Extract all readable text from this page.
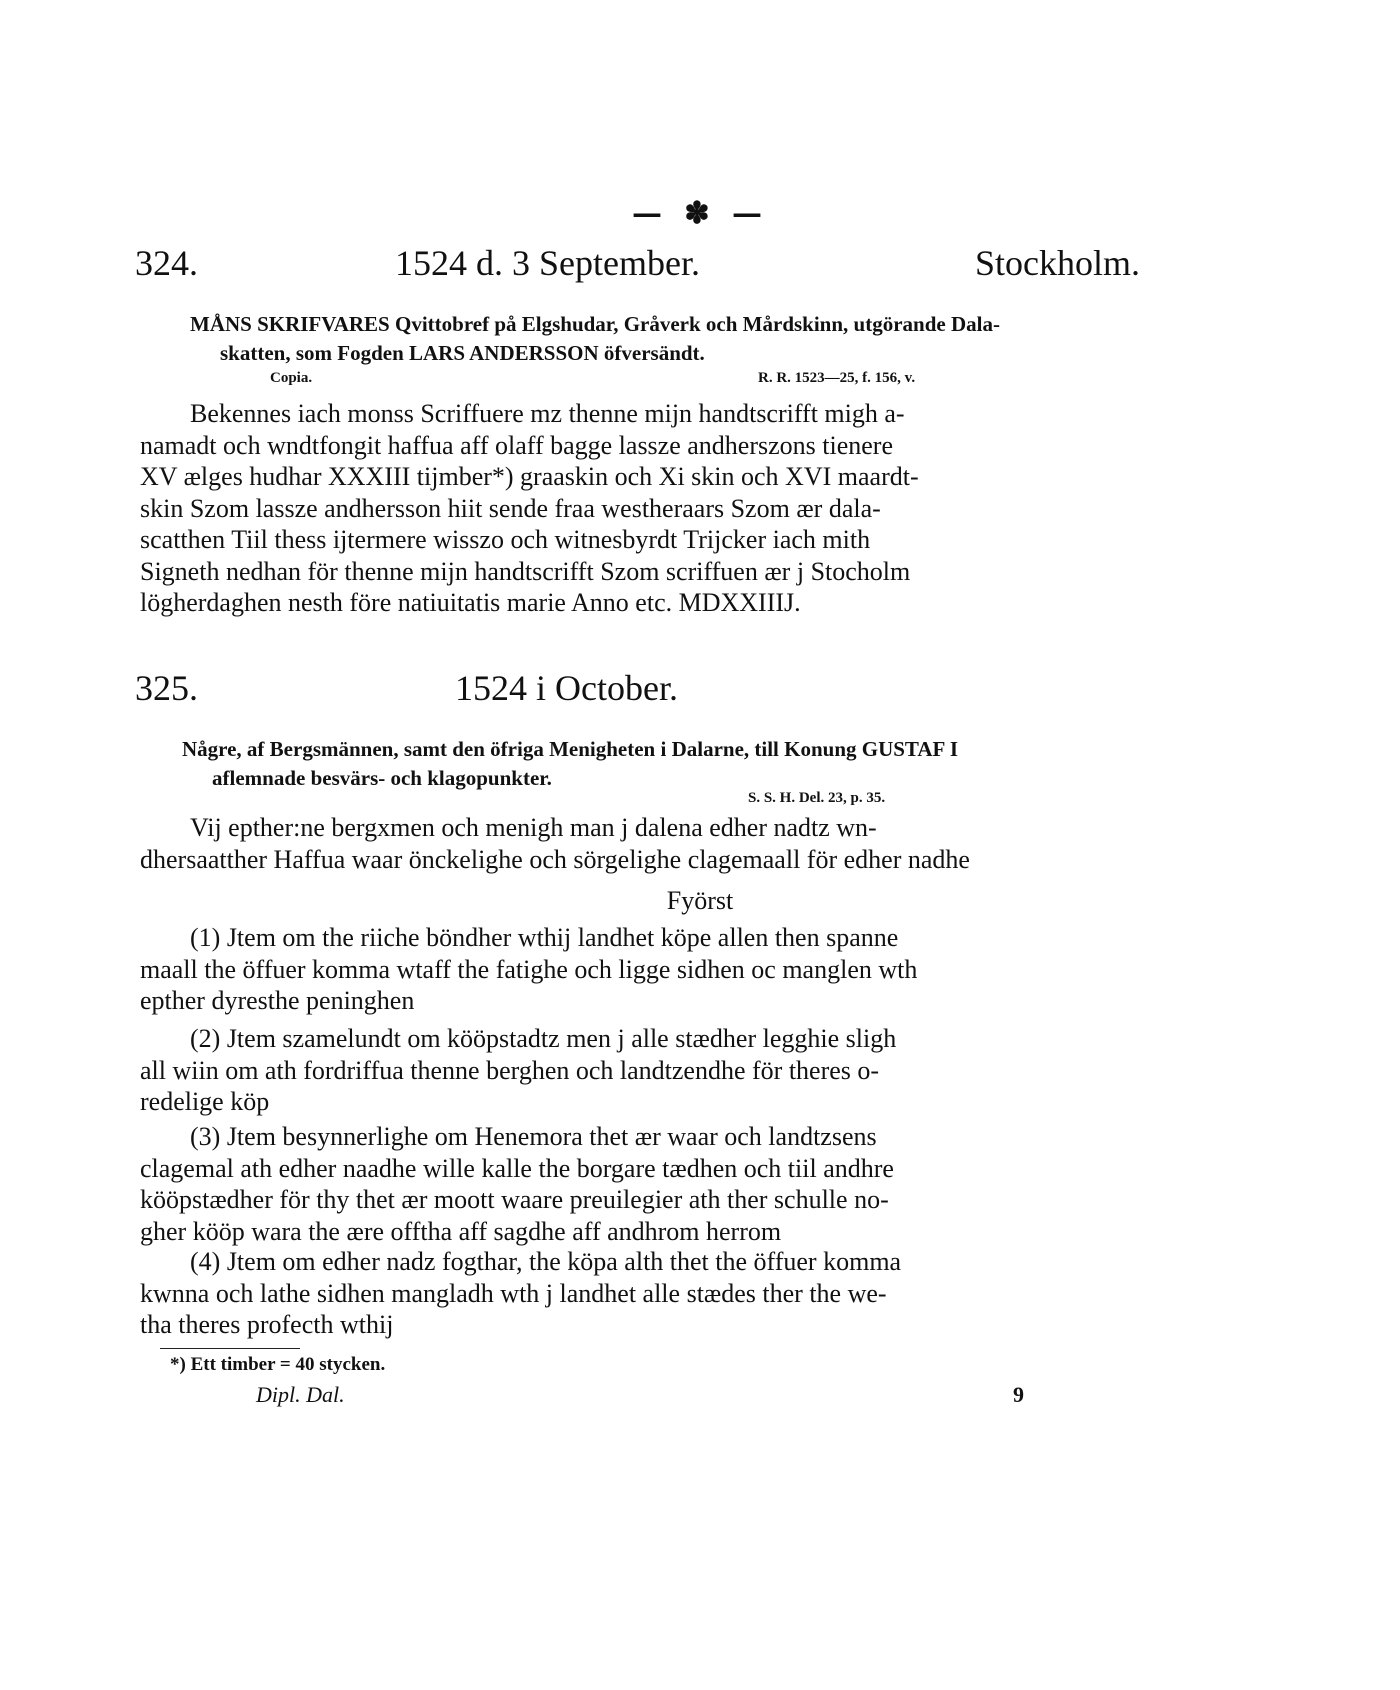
— ✽ —
324.	1524 d. 3 September.	Stockholm.
MÅNS SKRIFVARES Qvittobref på Elgshudar, Gråverk och Mårdskinn, utgörande Dala-
skatten, som Fogden LARS ANDERSSON öfversändt.
Copia.	R. R. 1523—25, f. 156, v.
Bekennes iach monss Scriffuere mz thenne mijn handtscrifft migh a-
namadt och wndtfongit haffua aff olaff bagge lassze andherszons tienere
XV ælges hudhar XXXIII tijmber*) graaskin och Xi skin och XVI maardt-
skin Szom lassze andhersson hiit sende fraa westheraars Szom ær dala-
scatthen Tiil thess ijtermere wisszo och witnesbyrdt Trijcker iach mith
Signeth nedhan för thenne mijn handtscrifft Szom scriffuen ær j Stocholm
lögherdaghen nesth före natiuitatis marie Anno etc. MDXXIIIJ.
325.	1524 i October.
Någre, af Bergsmännen, samt den öfriga Menigheten i Dalarne, till Konung GUSTAF I
aflemnade besvärs- och klagopunkter.
S. S. H. Del. 23, p. 35.
Vij epther:ne bergxmen och menigh man j dalena edher nadtz wn-
dhersaatther Haffua waar önckelighe och sörgelighe clagemaall för edher nadhe
Fyörst
(1) Jtem om the riiche böndher wthij landhet köpe allen then spanne
maall the öffuer komma wtaff the fatighe och ligge sidhen oc manglen wth
epther dyresthe peninghen
(2) Jtem szamelundt om kööpstadtz men j alle stædher legghie sligh
all wiin om ath fordriffua thenne berghen och landtzendhe för theres o-
redelige köp
(3) Jtem besynnerlighe om Henemora thet ær waar och landtzsens
clagemal ath edher naadhe wille kalle the borgare tædhen och tiil andhre
kööpstædher för thy thet ær moott waare preuilegier ath ther schulle no-
gher kööp wara the ære offtha aff sagdhe aff andhrom herrom
(4) Jtem om edher nadz fogthar, the köpa alth thet the öffuer komma
kwnna och lathe sidhen mangladh wth j landhet alle stædes ther the we-
tha theres profecth wthij
*) Ett timber = 40 stycken.
Dipl. Dal.	9
